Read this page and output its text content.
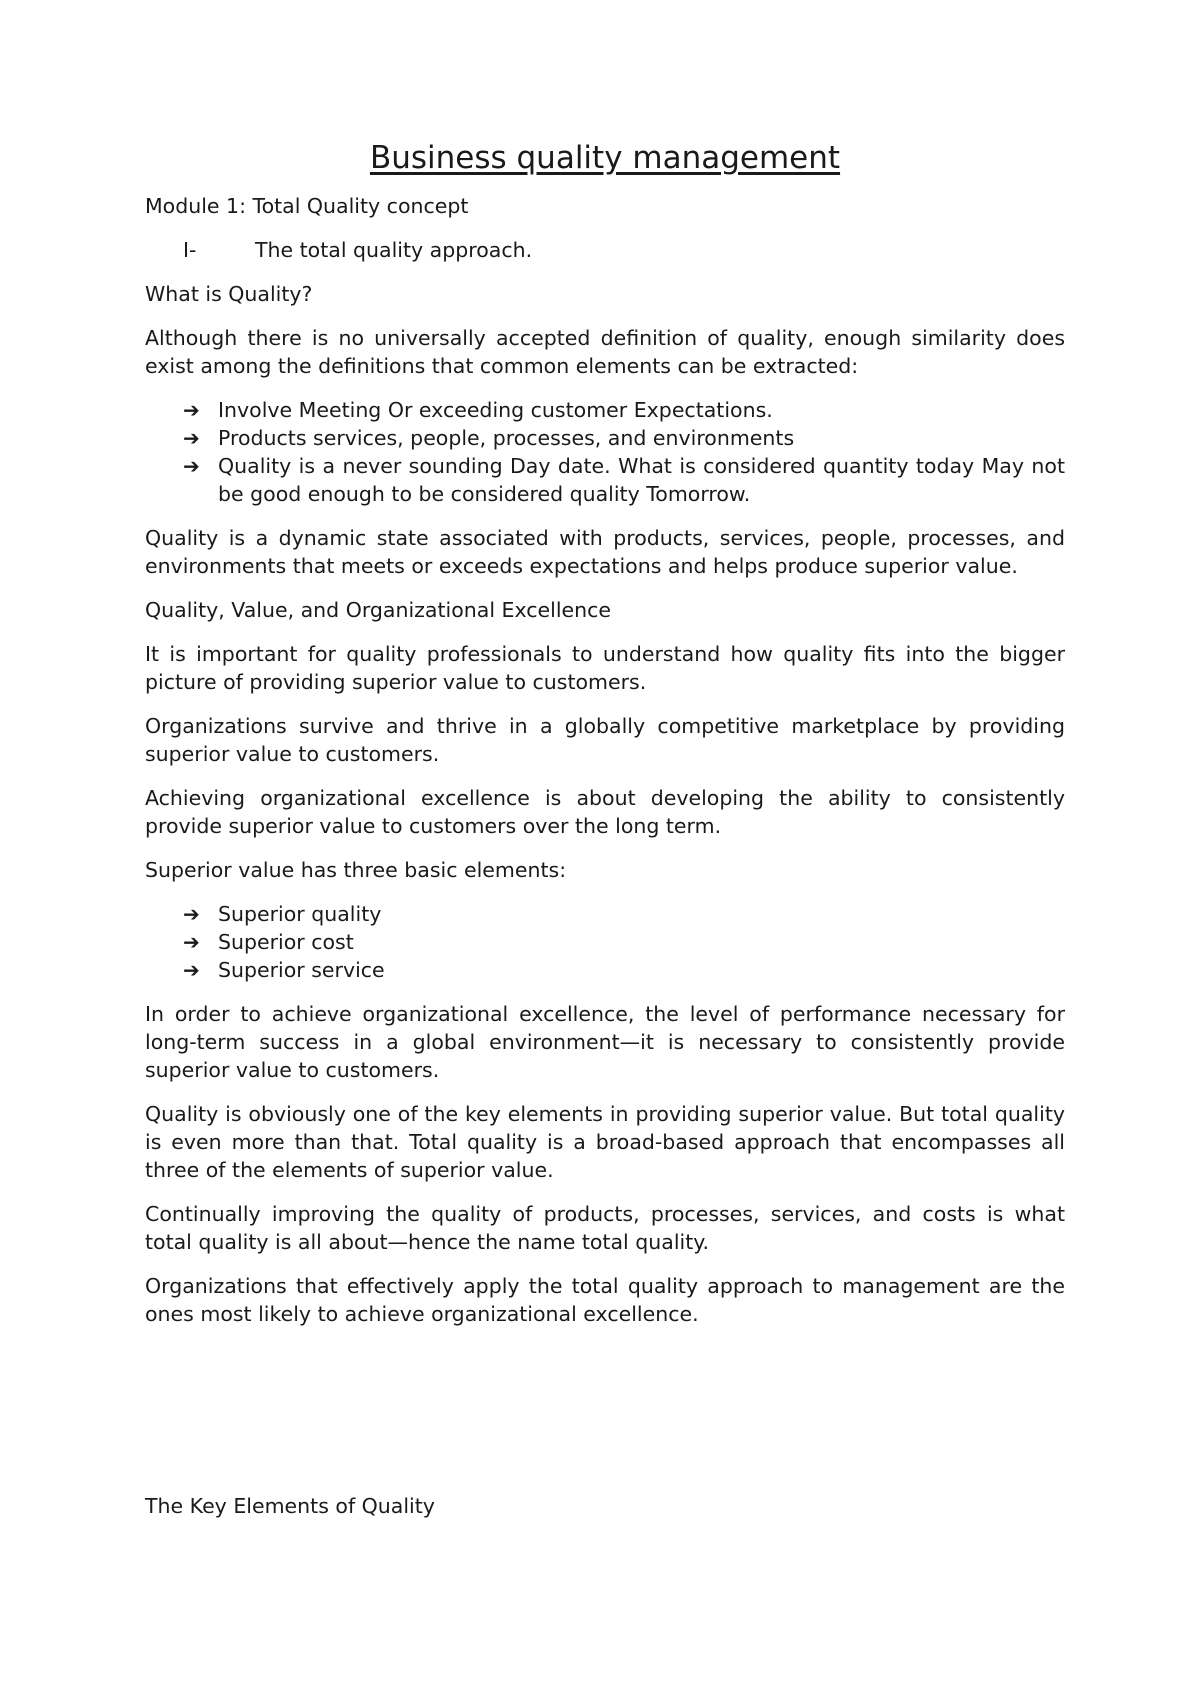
Business quality management

Module 1: Total Quality concept

I-	The total quality approach.

What is Quality?

Although there is no universally accepted definition of quality, enough similarity does exist among the definitions that common elements can be extracted:

➔ Involve Meeting Or exceeding customer Expectations.
➔ Products services, people, processes, and environments
➔ Quality is a never sounding Day date. What is considered quantity today May not be good enough to be considered quality Tomorrow.

Quality is a dynamic state associated with products, services, people, processes, and environments that meets or exceeds expectations and helps produce superior value.

Quality, Value, and Organizational Excellence

It is important for quality professionals to understand how quality fits into the bigger picture of providing superior value to customers.

Organizations survive and thrive in a globally competitive marketplace by providing superior value to customers.

Achieving organizational excellence is about developing the ability to consistently provide superior value to customers over the long term.

Superior value has three basic elements:

➔ Superior quality
➔ Superior cost
➔ Superior service

In order to achieve organizational excellence, the level of performance necessary for long-term success in a global environment—it is necessary to consistently provide superior value to customers.

Quality is obviously one of the key elements in providing superior value. But total quality is even more than that. Total quality is a broad-based approach that encompasses all three of the elements of superior value.

Continually improving the quality of products, processes, services, and costs is what total quality is all about—hence the name total quality.

Organizations that effectively apply the total quality approach to management are the ones most likely to achieve organizational excellence.

The Key Elements of Quality
